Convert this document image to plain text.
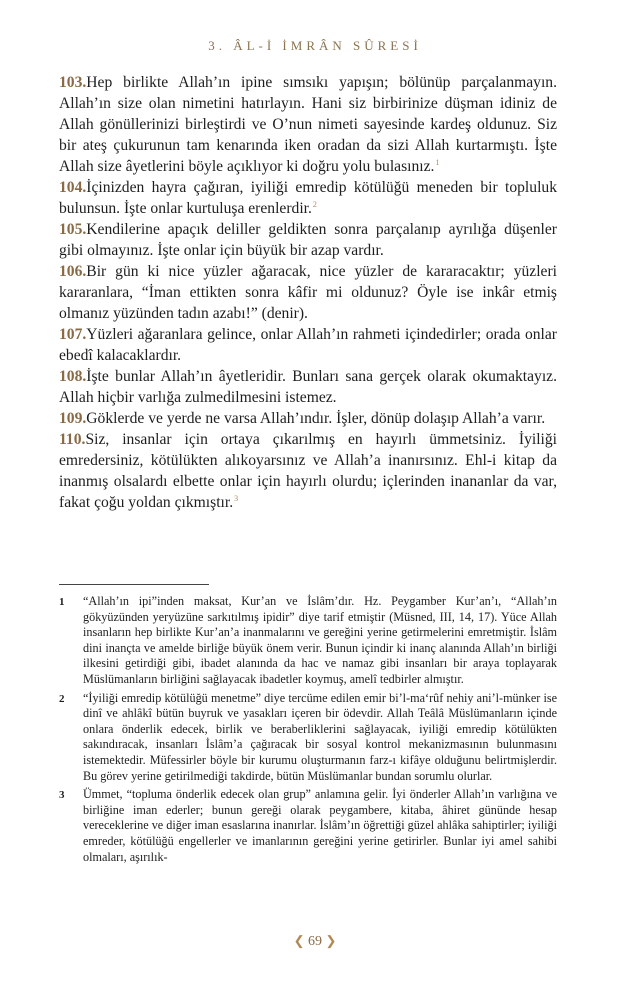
3. ÂL-İ İMRÂN SÛRESİ

103.Hep birlikte Allah’ın ipine sımsıkı yapışın; bölünüp parçalanmayın. Allah’ın size olan nimetini hatırlayın. Hani siz birbirinize düşman idiniz de Allah gönüllerinizi birleştirdi ve O’nun nimeti sayesinde kardeş oldunuz. Siz bir ateş çukurunun tam kenarında iken oradan da sizi Allah kurtarmıştı. İşte Allah size âyetlerini böyle açıklıyor ki doğru yolu bulasınız.$^1$

104.İçinizden hayra çağıran, iyiliği emredip kötülüğü meneden bir topluluk bulunsun. İşte onlar kurtuluşa erenlerdir.$^2$

105.Kendilerine apaçık deliller geldikten sonra parçalanıp ayrılığa düşenler gibi olmayınız. İşte onlar için büyük bir azap vardır.

106.Bir gün ki nice yüzler ağaracak, nice yüzler de kararacaktır; yüzleri kararanlara, “İman ettikten sonra kâfir mi oldunuz? Öyle ise inkâr etmiş olmanız yüzünden tadın azabı!” (denir).

107.Yüzleri ağaranlara gelince, onlar Allah’ın rahmeti içindedirler; orada onlar ebedî kalacaklardır.

108.İşte bunlar Allah’ın âyetleridir. Bunları sana gerçek olarak okumaktayız. Allah hiçbir varlığa zulmedilmesini istemez.

109.Göklerde ve yerde ne varsa Allah’ındır. İşler, dönüp dolaşıp Allah’a varır.

110.Siz, insanlar için ortaya çıkarılmış en hayırlı ümmetsiniz. İyiliği emredersiniz, kötülükten alıkoyarsınız ve Allah’a inanırsınız. Ehl-i kitap da inanmış olsalardı elbette onlar için hayırlı olurdu; içlerinden inananlar da var, fakat çoğu yoldan çıkmıştır.$^3$

1	“Allah’ın ipi”inden maksat, Kur’an ve İslâm’dır. Hz. Peygamber Kur’an’ı, “Allah’ın gökyüzünden yeryüzüne sarkıtılmış ipidir” diye tarif etmiştir (Müsned, III, 14, 17). Yüce Allah insanların hep birlikte Kur’an’a inanmalarını ve gereğini yerine getirmelerini emretmiştir. İslâm dini inançta ve amelde birliğe büyük önem verir. Bunun içindir ki inanç alanında Allah’ın birliği ilkesini getirdiği gibi, ibadet alanında da hac ve namaz gibi insanları bir araya toplayarak Müslümanların birliğini sağlayacak ibadetler koymuş, amelî tedbirler almıştır.
2	“İyiliği emredip kötülüğü menetme” diye tercüme edilen emir bi’l-ma‘rûf nehiy ani’l-münker ise dinî ve ahlâkî bütün buyruk ve yasakları içeren bir ödevdir. Allah Teâlâ Müslümanların içinde onlara önderlik edecek, birlik ve beraberliklerini sağlayacak, iyiliği emredip kötülükten sakındıracak, insanları İslâm’a çağıracak bir sosyal kontrol mekanizmasının bulunmasını istemektedir. Müfessirler böyle bir kurumu oluşturmanın farz-ı kifâye olduğunu belirtmişlerdir. Bu görev yerine getirilmediği takdirde, bütün Müslümanlar bundan sorumlu olurlar.
3	Ümmet, “topluma önderlik edecek olan grup” anlamına gelir. İyi önderler Allah’ın varlığına ve birliğine iman ederler; bunun gereği olarak peygambere, kitaba, âhiret gününde hesap vereceklerine ve diğer iman esaslarına inanırlar. İslâm’ın öğrettiği güzel ahlâka sahiptirler; iyiliği emreder, kötülüğü engellerler ve imanlarının gereğini yerine getirirler. Bunlar iyi amel sahibi olmaları, aşırılık-
❮ 69 ❯
